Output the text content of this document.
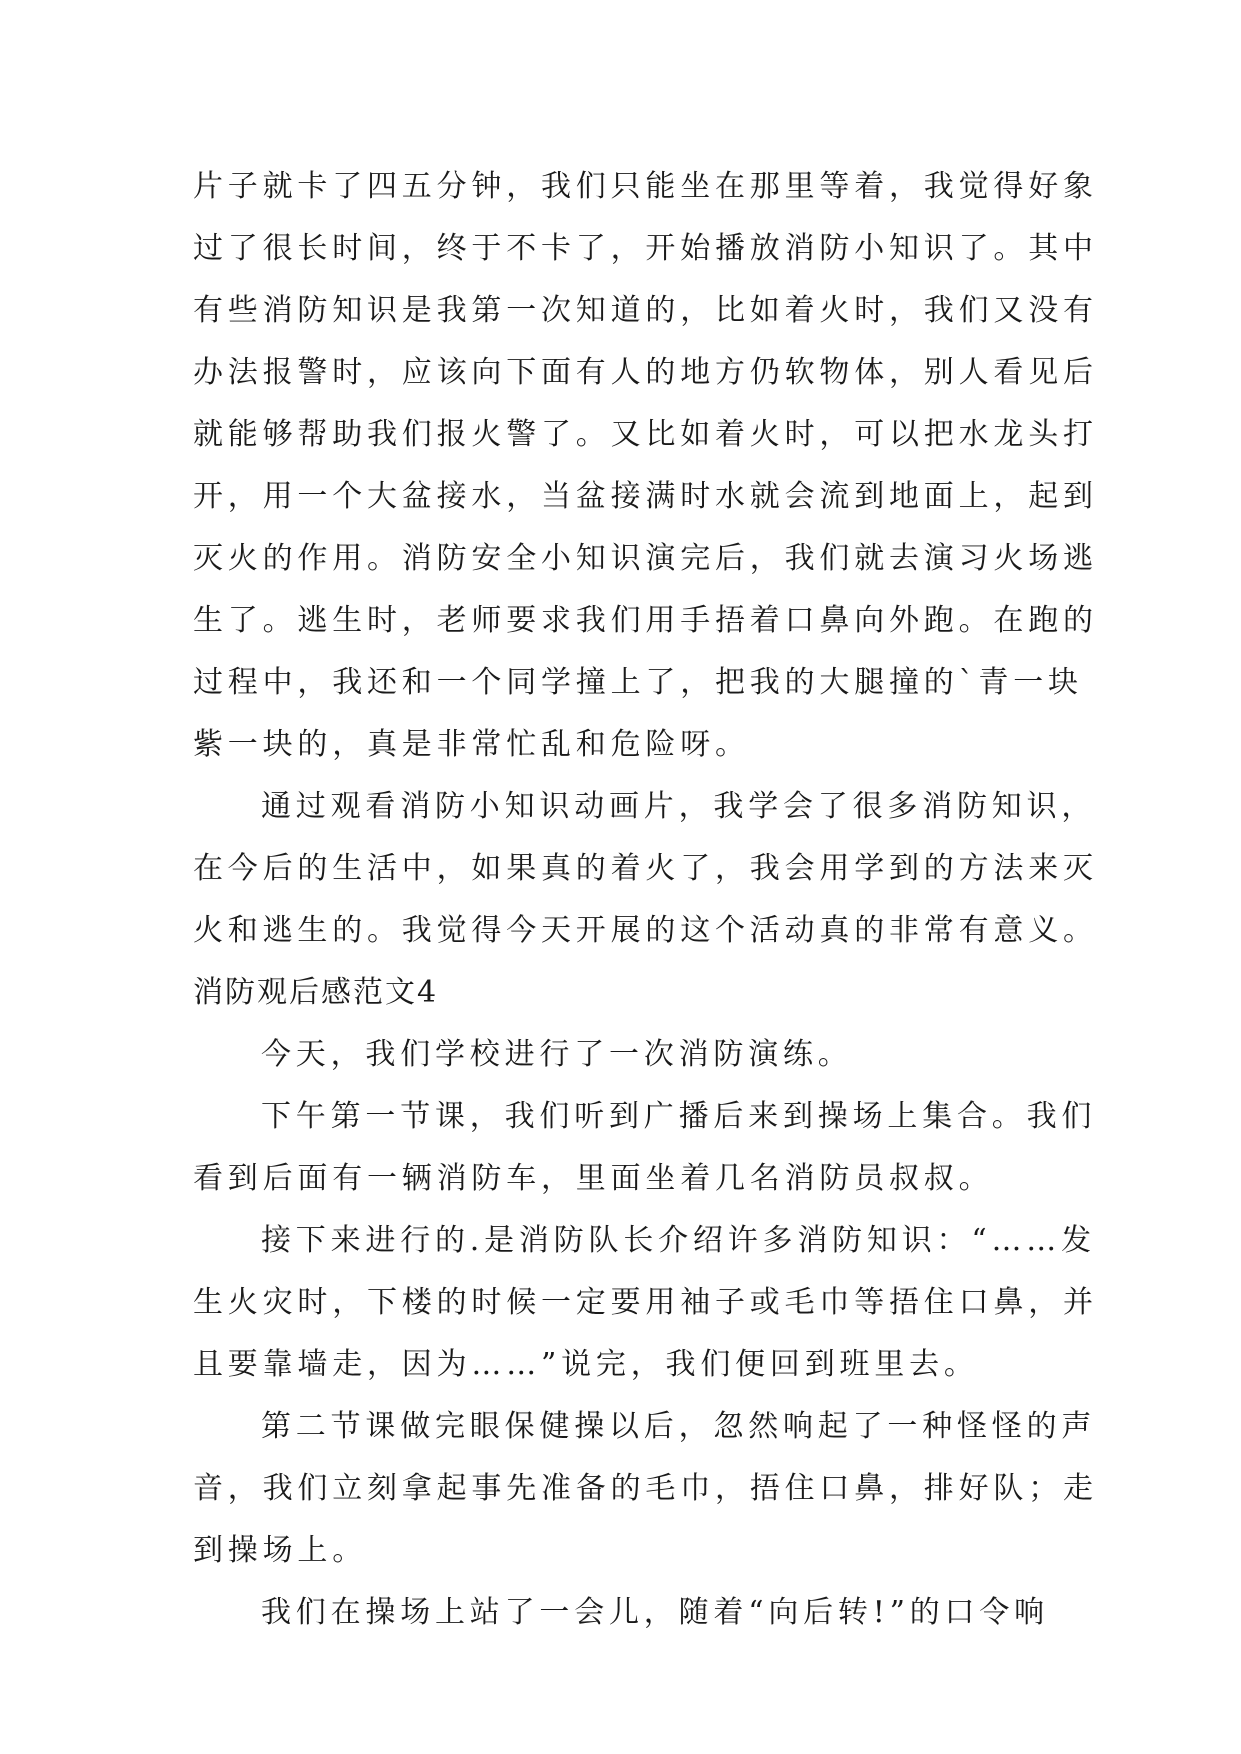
片子就卡了四五分钟，我们只能坐在那里等着，我觉得好象
过了很长时间，终于不卡了，开始播放消防小知识了。其中
有些消防知识是我第一次知道的，比如着火时，我们又没有
办法报警时，应该向下面有人的地方仍软物体，别人看见后
就能够帮助我们报火警了。又比如着火时，可以把水龙头打
开，用一个大盆接水，当盆接满时水就会流到地面上，起到
灭火的作用。消防安全小知识演完后，我们就去演习火场逃
生了。逃生时，老师要求我们用手捂着口鼻向外跑。在跑的
过程中，我还和一个同学撞上了，把我的大腿撞的`青一块
紫一块的，真是非常忙乱和危险呀。
通过观看消防小知识动画片，我学会了很多消防知识，
在今后的生活中，如果真的着火了，我会用学到的方法来灭
火和逃生的。我觉得今天开展的这个活动真的非常有意义。
消防观后感范文4
今天，我们学校进行了一次消防演练。
下午第一节课，我们听到广播后来到操场上集合。我们
看到后面有一辆消防车，里面坐着几名消防员叔叔。
接下来进行的.是消防队长介绍许多消防知识：“……发
生火灾时，下楼的时候一定要用袖子或毛巾等捂住口鼻，并
且要靠墙走，因为……”说完，我们便回到班里去。
第二节课做完眼保健操以后，忽然响起了一种怪怪的声
音，我们立刻拿起事先准备的毛巾，捂住口鼻，排好队；走
到操场上。
我们在操场上站了一会儿，随着“向后转!”的口令响
